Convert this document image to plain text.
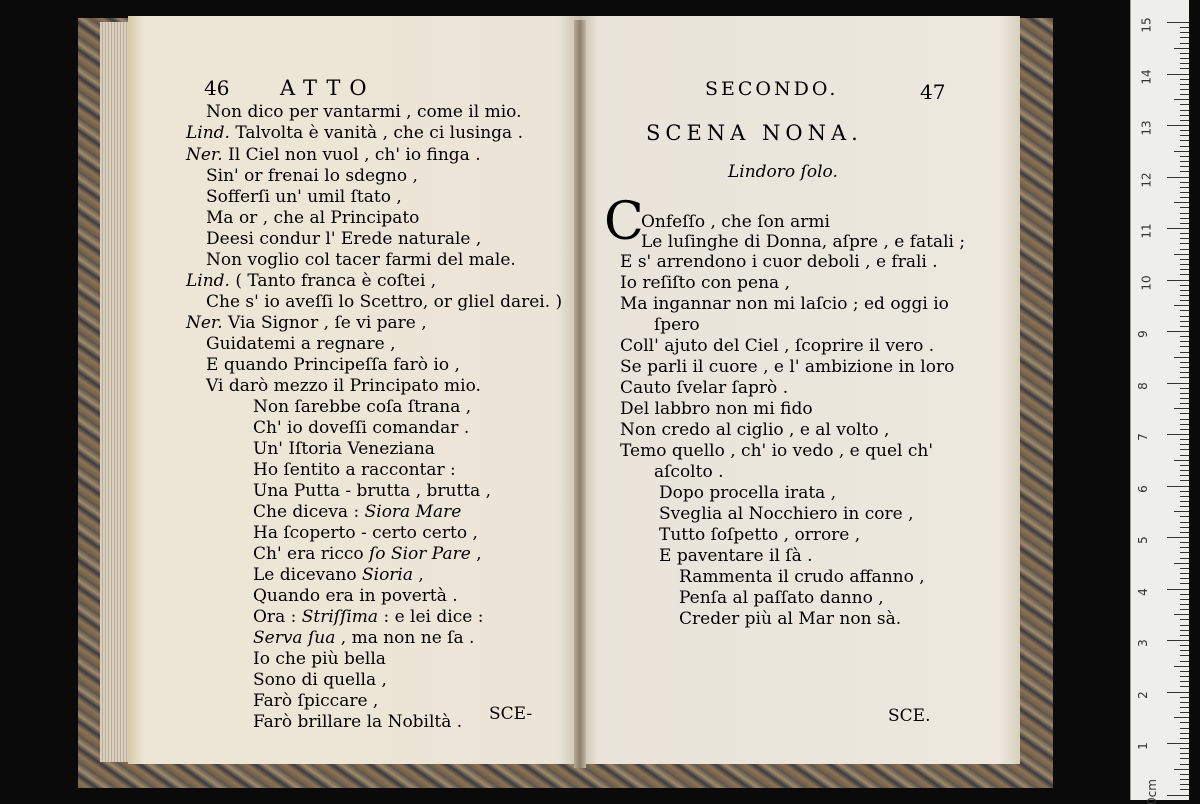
46 ATTO
Non dico per vantarmi , come il mio.
Lind. Talvolta è vanità , che ci lusinga .
Ner. Il Ciel non vuol , ch' io finga .
Sin' or frenai lo sdegno ,
Sofferſi un' umil ſtato ,
Ma or , che al Principato
Deesi condur l' Erede naturale ,
Non voglio col tacer farmi del male.
Lind. ( Tanto franca è coſtei ,
Che s' io aveſſi lo Scettro, or gliel darei. )
Ner. Via Signor , ſe vi pare ,
Guidatemi a regnare ,
E quando Principeſſa farò io ,
Vi darò mezzo il Principato mio.
Non ſarebbe coſa ſtrana ,
Ch' io doveſſi comandar .
Un' Iſtoria Veneziana
Ho ſentito a raccontar :
Una Putta - brutta , brutta ,
Che diceva : Siora Mare
Ha ſcoperto - certo certo ,
Ch' era ricco ſo Sior Pare ,
Le dicevano Sioria ,
Quando era in povertà .
Ora : Striſſima : e lei dice :
Serva ſua , ma non ne ſa .
Io che più bella
Sono di quella ,
Farò ſpiccare ,
Farò brillare la Nobiltà . SCE-
SECONDO.	47
SCENA NONA.
Lindoro ſolo.
C
Onfeſſo , che ſon armi
Le luſinghe di Donna, aſpre , e fatali ;
E s' arrendono i cuor deboli , e frali .
Io reſiſto con pena ,
Ma ingannar non mi laſcio ; ed oggi io
ſpero
Coll' ajuto del Ciel , ſcoprire il vero .
Se parli il cuore , e l' ambizione in loro
Cauto ſvelar ſaprò .
Del labbro non mi fido
Non credo al ciglio , e al volto ,
Temo quello , ch' io vedo , e quel ch'
aſcolto .
Dopo procella irata ,
Sveglia al Nocchiero in core ,
Tutto ſoſpetto , orrore ,
E paventare il ſà .
Rammenta il crudo affanno ,
Penſa al paſſato danno ,
Creder più al Mar non sà.
SCE.
15
14
13
12
11
10
9
8
7
6
5
4
3
2
1
0cm
